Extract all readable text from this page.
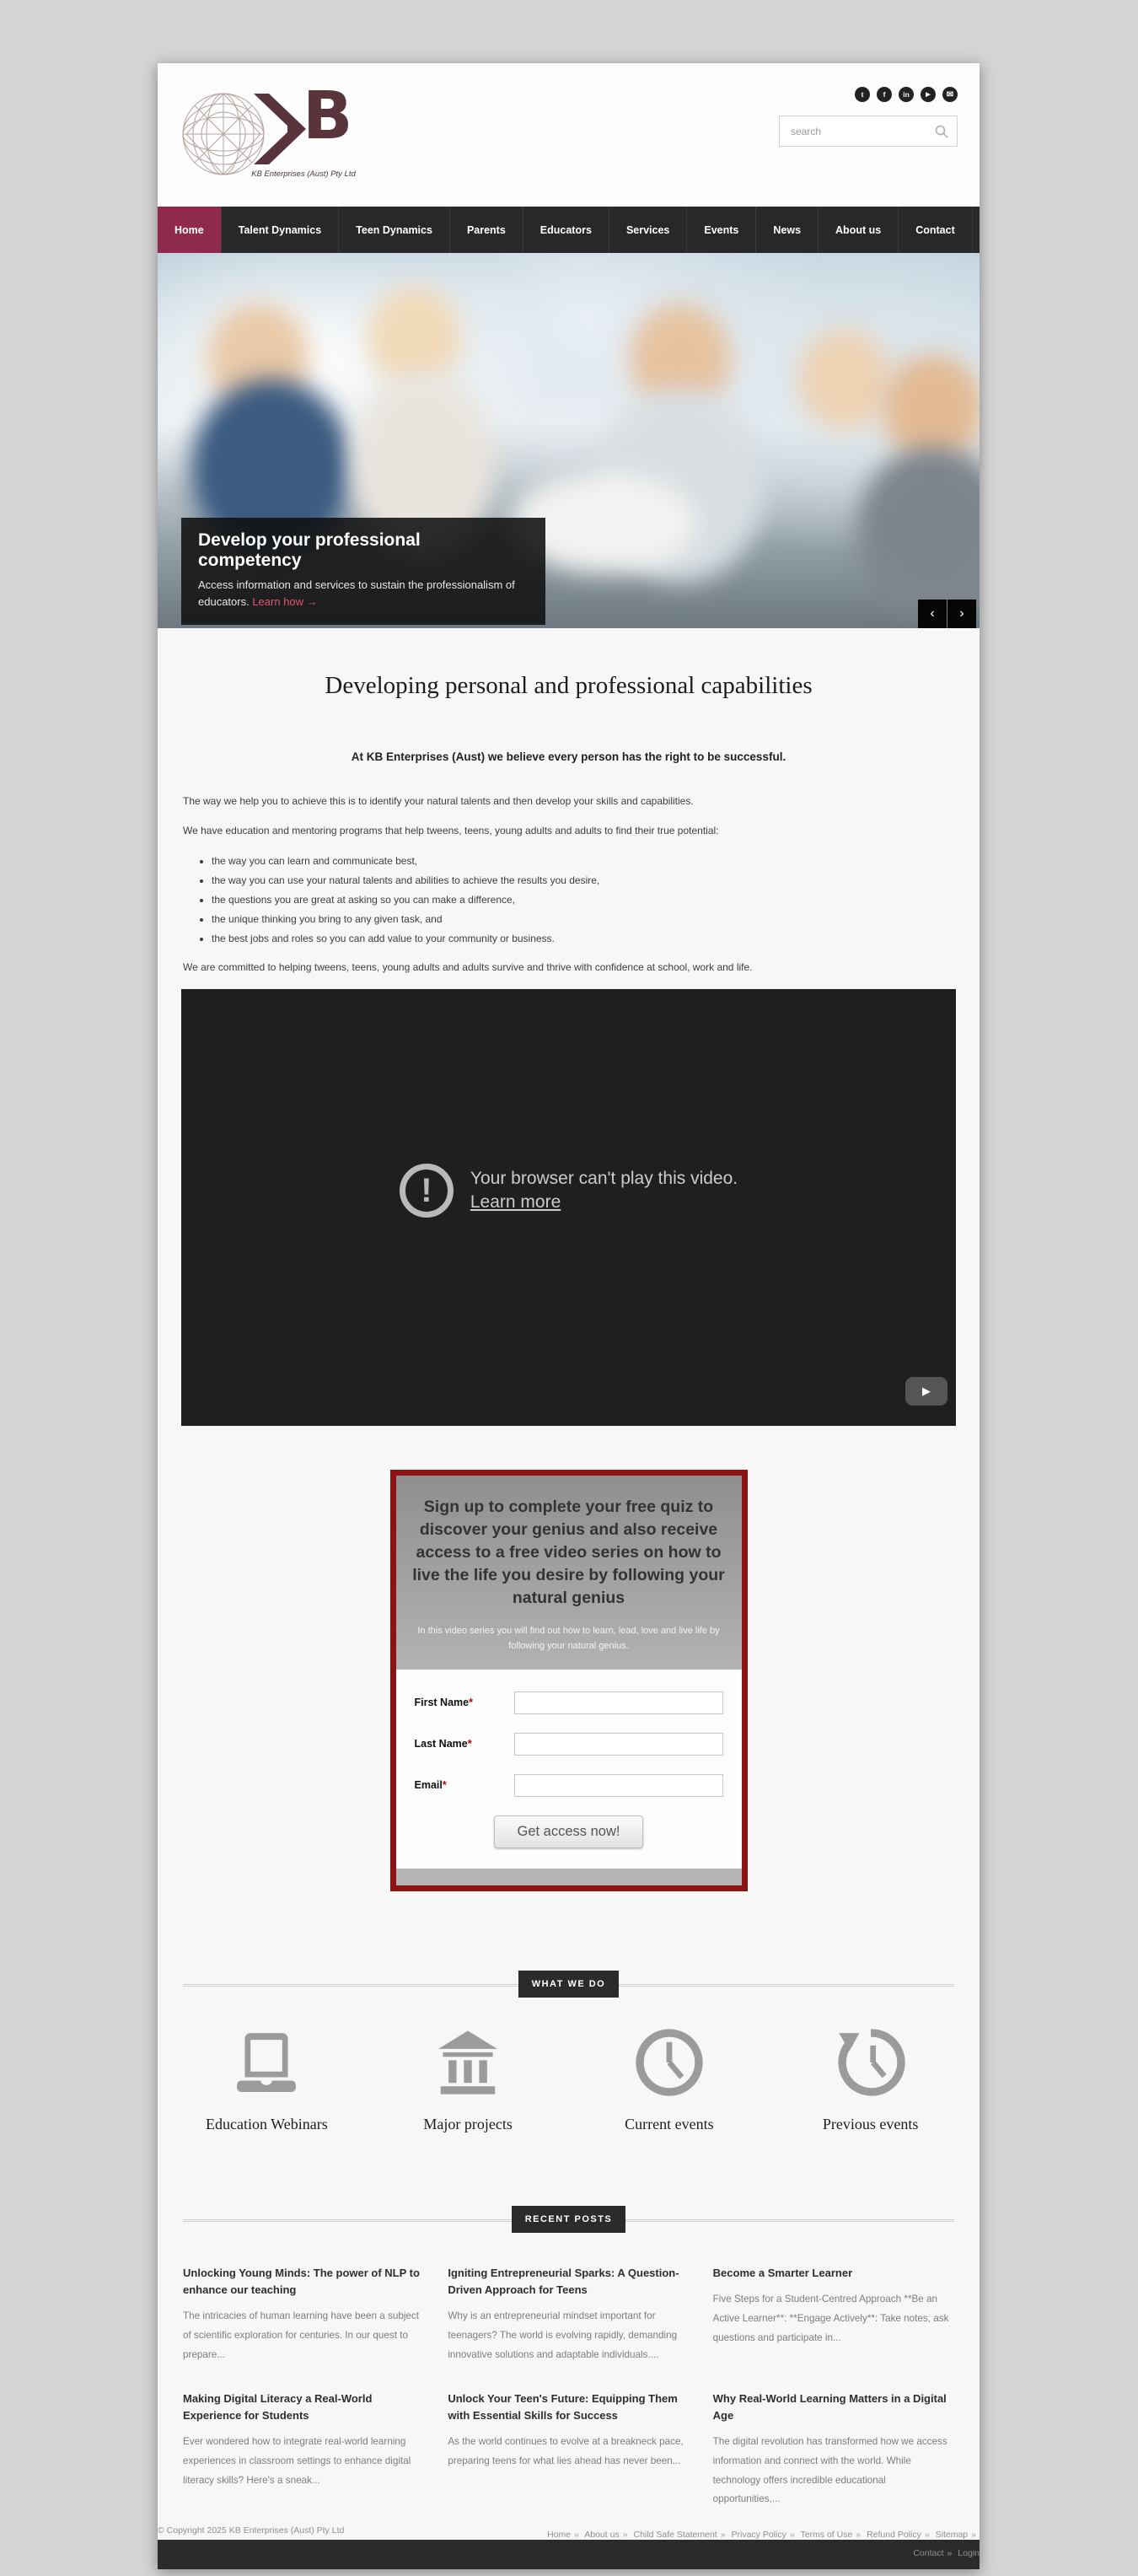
B
KB Enterprises (Aust) Pty Ltd
t	f in	▶ ✉
search
Home	Talent Dynamics	Teen Dynamics	Parents	Educators	Services	Events	News	About us	Contact
Develop your professional competency

Access information and services to sustain the professionalism of educators. Learn how →

‹	›
Developing personal and professional capabilities
At KB Enterprises (Aust) we believe every person has the right to be successful.

The way we help you to achieve this is to identify your natural talents and then develop your skills and capabilities.

We have education and mentoring programs that help tweens, teens, young adults and adults to find their true potential:

• the way you can learn and communicate best,
• the way you can use your natural talents and abilities to achieve the results you desire,
• the questions you are great at asking so you can make a difference,
• the unique thinking you bring to any given task, and
• the best jobs and roles so you can add value to your community or business.

We are committed to helping tweens, teens, young adults and adults survive and thrive with confidence at school, work and life.

!	Your browser can't play this video.
Learn more
▶
Sign up to complete your free quiz to discover your genius and also receive access to a free video series on how to live the life you desire by following your natural genius
In this video series you will find out how to learn, lead, love and live life by following your natural genius.
First Name*
Last Name*
Email*
Get access now!
WHAT WE DO
Education Webinars	Major projects	Current events	Previous events
RECENT POSTS
Unlocking Young Minds: The power of NLP to enhance our teaching
The intricacies of human learning have been a subject of scientific exploration for centuries. In our quest to prepare...
Igniting Entrepreneurial Sparks: A Question-Driven Approach for Teens
Why is an entrepreneurial mindset important for teenagers? The world is evolving rapidly, demanding innovative solutions and adaptable individuals....
Become a Smarter Learner
Five Steps for a Student-Centred Approach **Be an Active Learner**: **Engage Actively**: Take notes, ask questions and participate in...
Making Digital Literacy a Real-World Experience for Students
Ever wondered how to integrate real-world learning experiences in classroom settings to enhance digital literacy skills? Here's a sneak...
Unlock Your Teen's Future: Equipping Them with Essential Skills for Success
As the world continues to evolve at a breakneck pace, preparing teens for what lies ahead has never been...
Why Real-World Learning Matters in a Digital Age
The digital revolution has transformed how we access information and connect with the world. While technology offers incredible educational opportunities,...
© Copyright 2025 KB Enterprises (Aust) Pty Ltd	Home » About us » Child Safe Statement » Privacy Policy » Terms of Use » Refund Policy » Sitemap »
Contact » Login
